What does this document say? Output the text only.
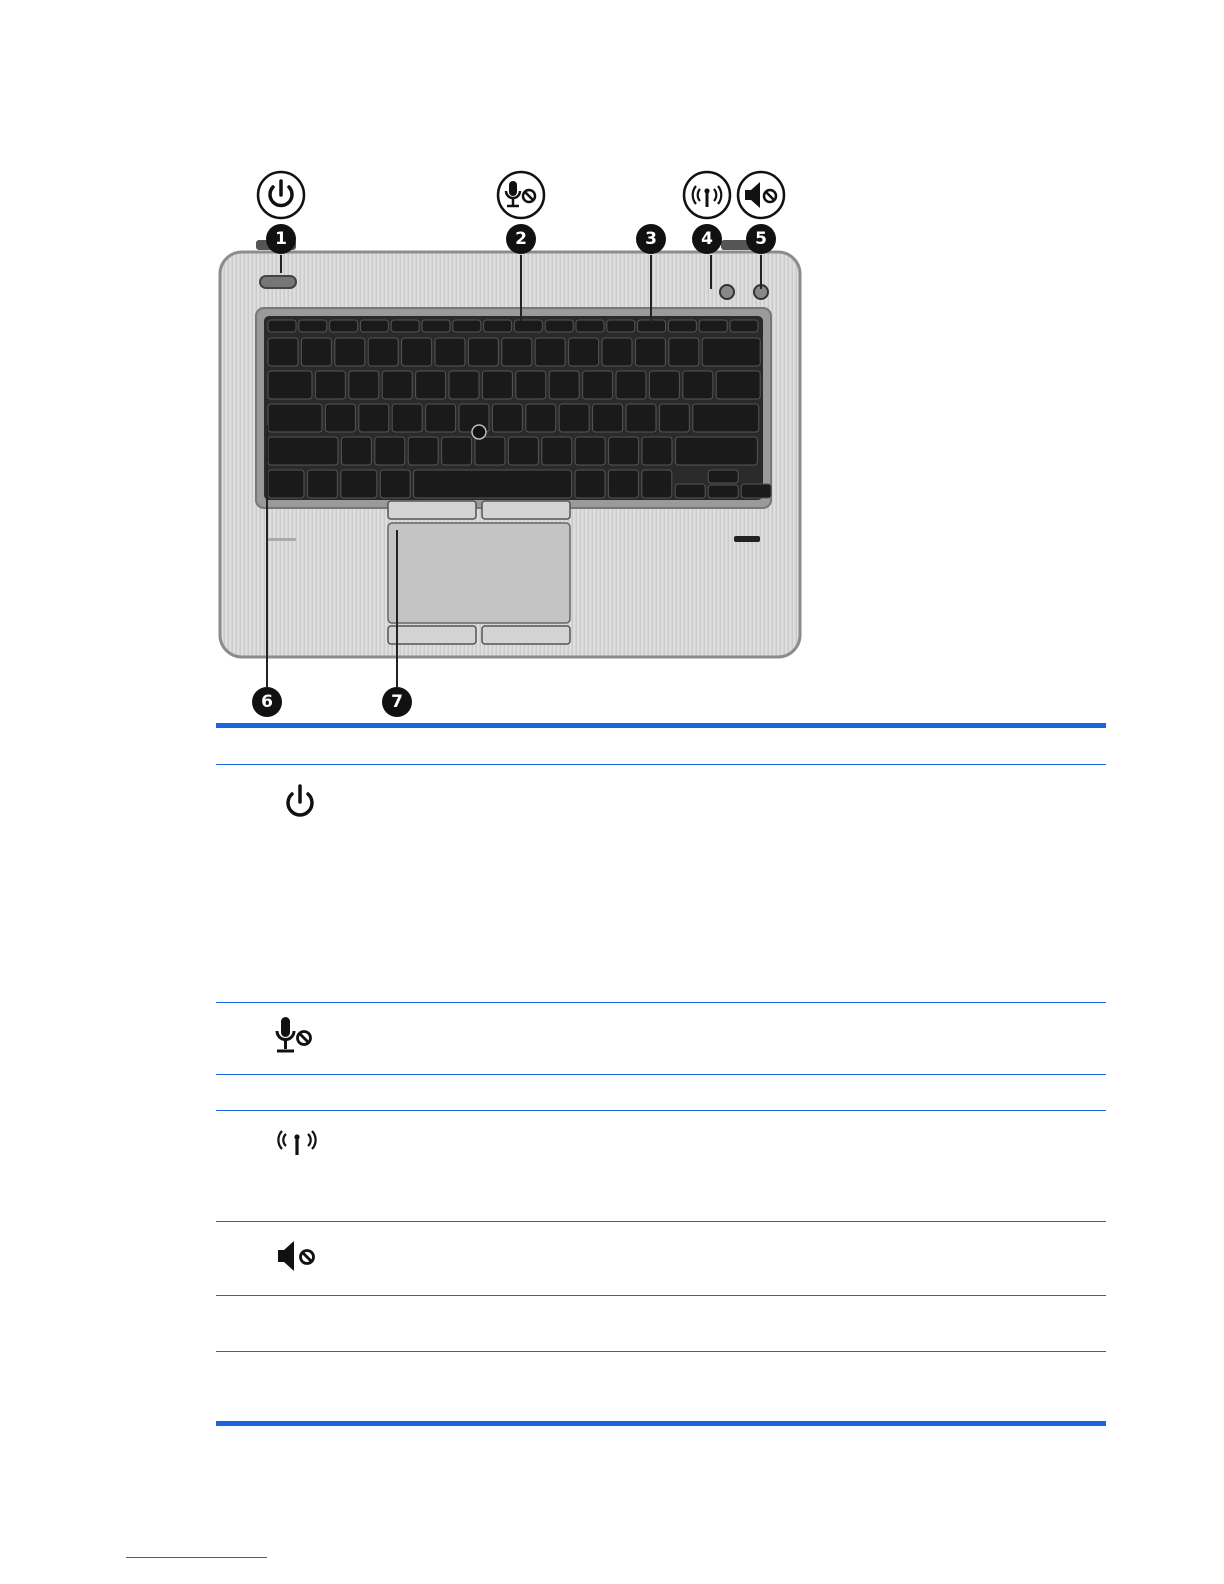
1	2	3	4	5
6	7
